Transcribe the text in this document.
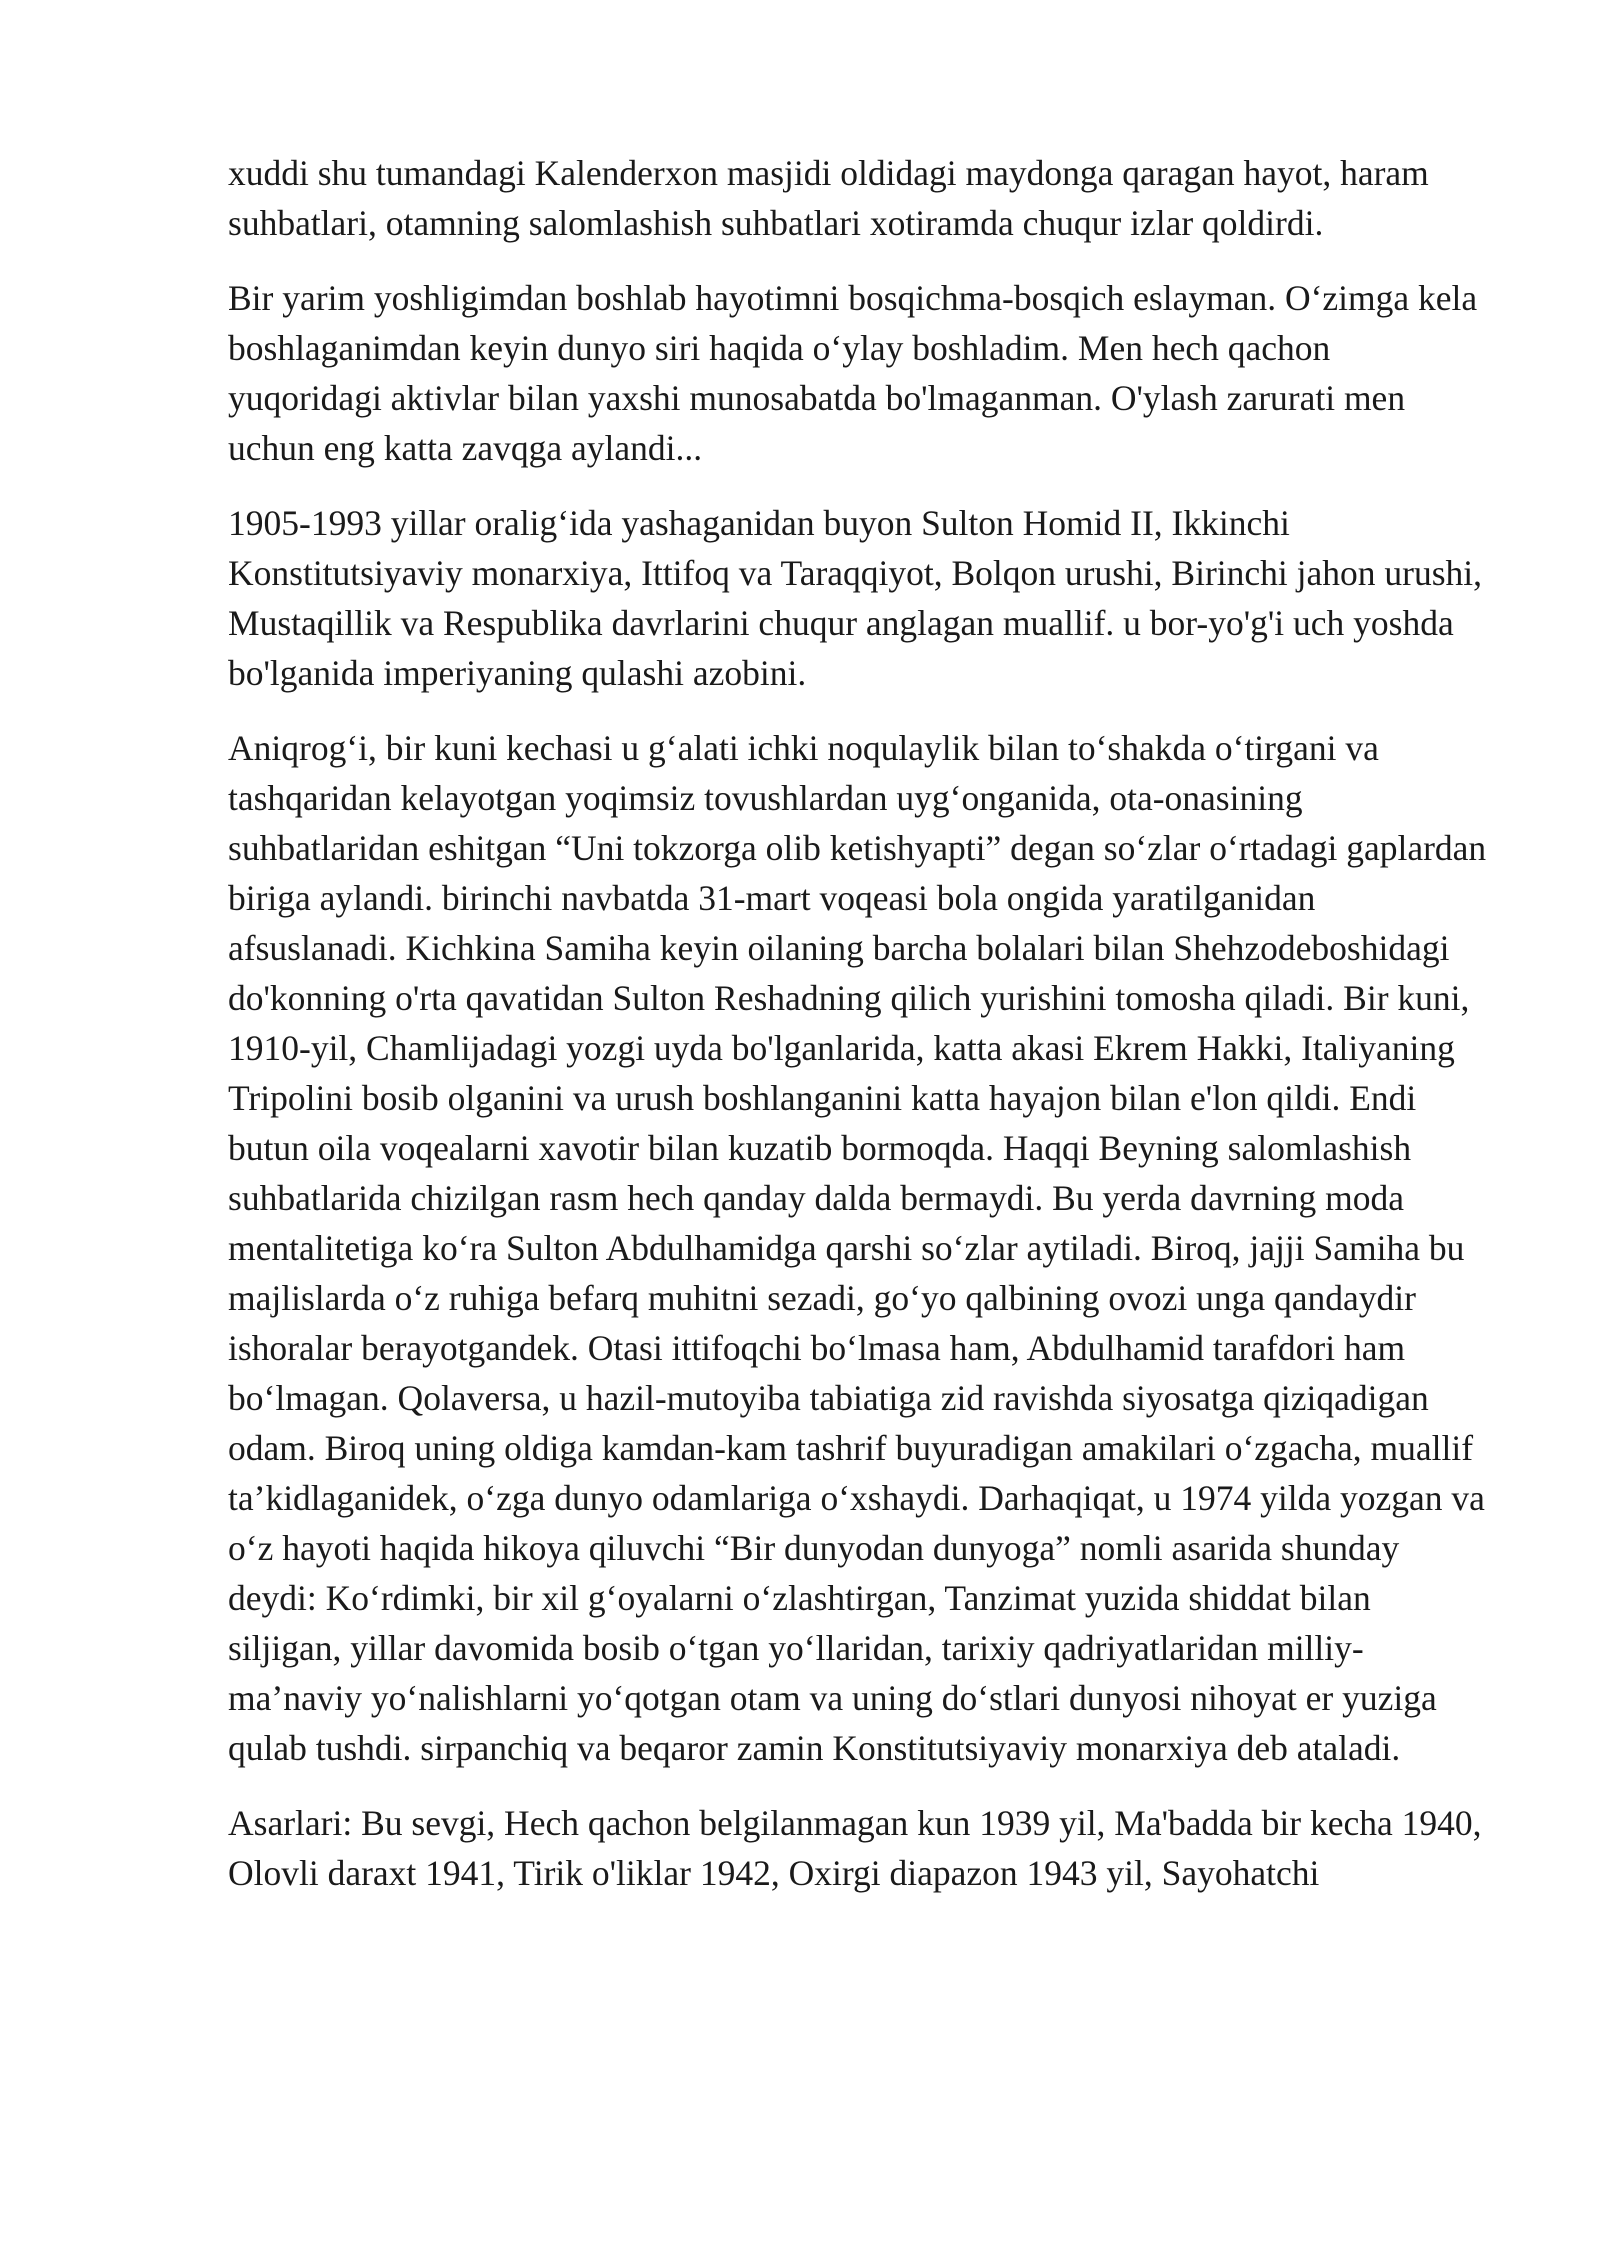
xuddi shu tumandagi Kalenderxon masjidi oldidagi maydonga qaragan hayot, haram suhbatlari, otamning salomlashish suhbatlari xotiramda chuqur izlar qoldirdi.

Bir yarim yoshligimdan boshlab hayotimni bosqichma-bosqich eslayman. O‘zimga kela boshlaganimdan keyin dunyo siri haqida o‘ylay boshladim. Men hech qachon yuqoridagi aktivlar bilan yaxshi munosabatda bo'lmaganman. O'ylash zarurati men uchun eng katta zavqga aylandi...

1905-1993 yillar oralig‘ida yashaganidan buyon Sulton Homid II, Ikkinchi Konstitutsiyaviy monarxiya, Ittifoq va Taraqqiyot, Bolqon urushi, Birinchi jahon urushi, Mustaqillik va Respublika davrlarini chuqur anglagan muallif. u bor-yo'g'i uch yoshda bo'lganida imperiyaning qulashi azobini.

Aniqrog‘i, bir kuni kechasi u g‘alati ichki noqulaylik bilan to‘shakda o‘tirgani va tashqaridan kelayotgan yoqimsiz tovushlardan uyg‘onganida, ota-onasining suhbatlaridan eshitgan “Uni tokzorga olib ketishyapti” degan so‘zlar o‘rtadagi gaplardan biriga aylandi. birinchi navbatda 31-mart voqeasi bola ongida yaratilganidan afsuslanadi. Kichkina Samiha keyin oilaning barcha bolalari bilan Shehzodeboshidagi do'konning o'rta qavatidan Sulton Reshadning qilich yurishini tomosha qiladi. Bir kuni, 1910-yil, Chamlijadagi yozgi uyda bo'lganlarida, katta akasi Ekrem Hakki, Italiyaning Tripolini bosib olganini va urush boshlanganini katta hayajon bilan e'lon qildi. Endi butun oila voqealarni xavotir bilan kuzatib bormoqda. Haqqi Beyning salomlashish suhbatlarida chizilgan rasm hech qanday dalda bermaydi. Bu yerda davrning moda mentalitetiga ko‘ra Sulton Abdulhamidga qarshi so‘zlar aytiladi. Biroq, jajji Samiha bu majlislarda o‘z ruhiga befarq muhitni sezadi, go‘yo qalbining ovozi unga qandaydir ishoralar berayotgandek. Otasi ittifoqchi bo‘lmasa ham, Abdulhamid tarafdori ham bo‘lmagan. Qolaversa, u hazil-mutoyiba tabiatiga zid ravishda siyosatga qiziqadigan odam. Biroq uning oldiga kamdan-kam tashrif buyuradigan amakilari o‘zgacha, muallif ta’kidlaganidek, o‘zga dunyo odamlariga o‘xshaydi. Darhaqiqat, u 1974 yilda yozgan va o‘z hayoti haqida hikoya qiluvchi “Bir dunyodan dunyoga” nomli asarida shunday deydi: Ko‘rdimki, bir xil g‘oyalarni o‘zlashtirgan, Tanzimat yuzida shiddat bilan siljigan, yillar davomida bosib o‘tgan yo‘llaridan, tarixiy qadriyatlaridan milliy-ma’naviy yo‘nalishlarni yo‘qotgan otam va uning do‘stlari dunyosi nihoyat er yuziga qulab tushdi. sirpanchiq va beqaror zamin Konstitutsiyaviy monarxiya deb ataladi.

Asarlari: Bu sevgi, Hech qachon belgilanmagan kun 1939 yil, Ma'badda bir kecha 1940, Olovli daraxt 1941, Tirik o'liklar 1942, Oxirgi diapazon 1943 yil, Sayohatchi
